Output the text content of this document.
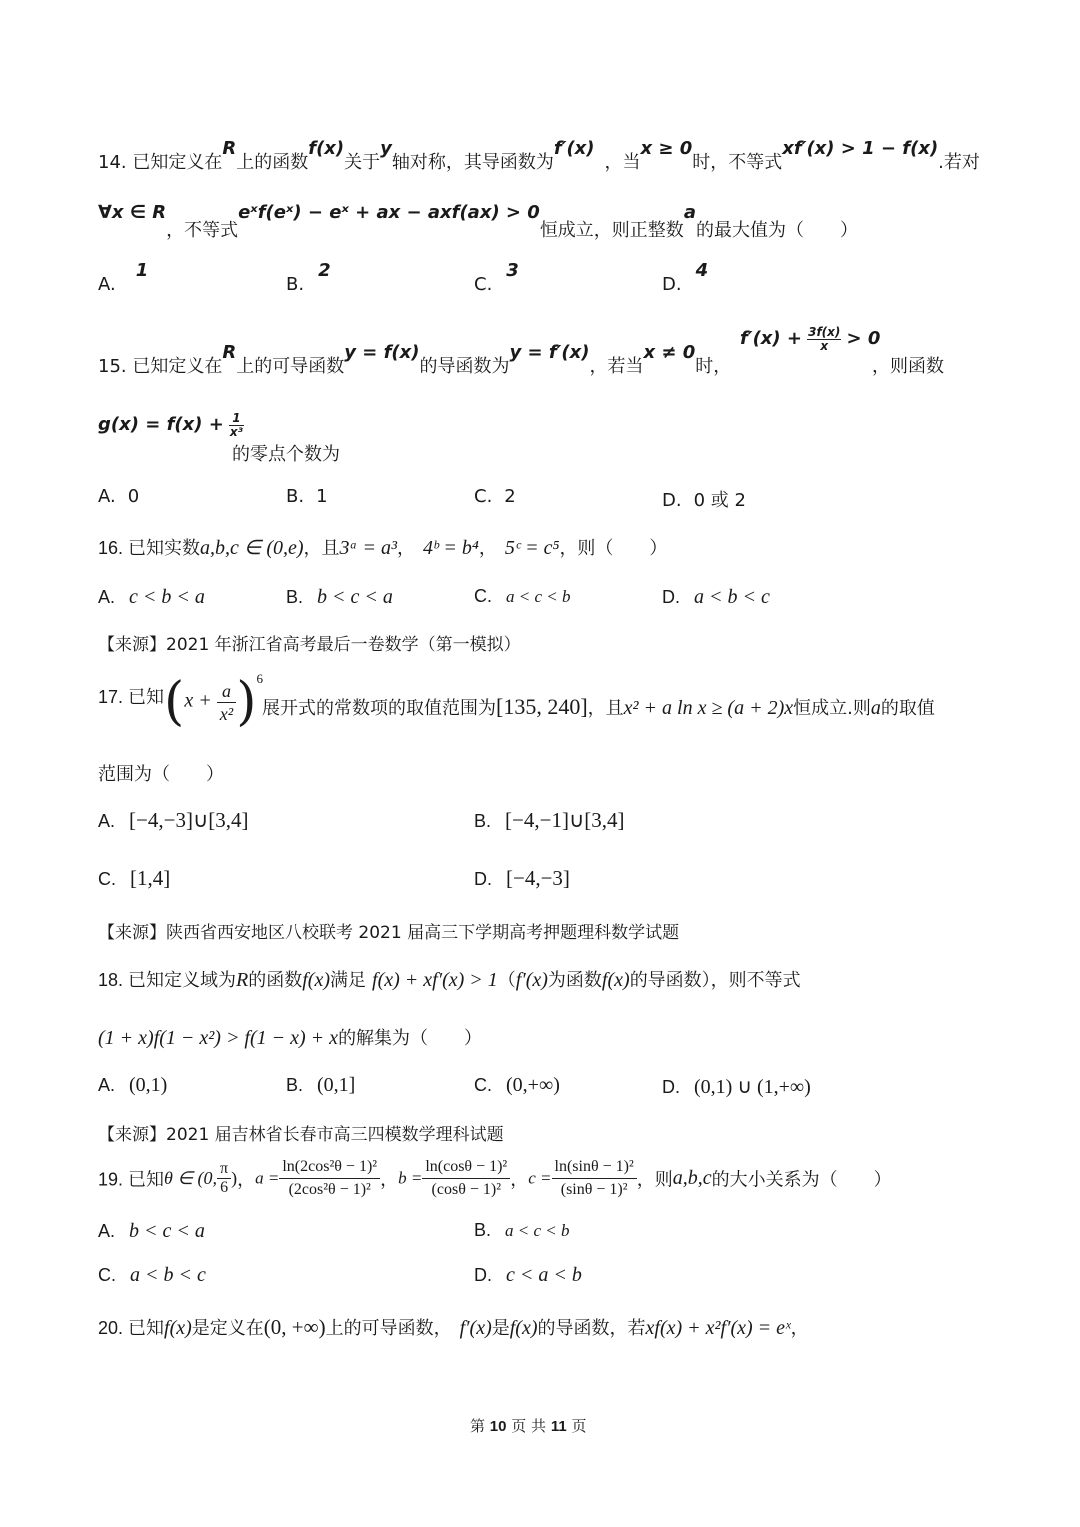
14. 已知定义在R上的函数f(x)关于y轴对称，其导函数为f′(x)，当x ≥ 0时，不等式xf′(x) > 1 − f(x).若对
∀x ∈ R，不等式eˣf(eˣ) − eˣ + ax − axf(ax) > 0恒成立，则正整数a的最大值为（　　）
A.1
B.2
C.3
D.4
15. 已知定义在R上的可导函数y = f(x)的导函数为y = f′(x)，若当x ≠ 0时，
$f'(x) + \frac{3f(x)}{x} > 0$
，则函数
$g(x) = f(x) + \frac{1}{\text{x³}}$
的零点个数为
A. 0	B. 1	C. 2	D. 0 或 2
16. 已知实数a,b,c ∈ (0,e)，且3ᵃ = a³， 4ᵇ = b⁴， 5ᶜ = c⁵，则（　　）
A. c < b < a	B. b < c < a	C. a < c < b	D. a < b < c
【来源】2021 年浙江省高考最后一卷数学（第一模拟）
17. 已知$(x + \frac{a}{\text{x²}} )^6$
展开式的常数项的取值范围为[135, 240]，且x² + a ln x ≥ (a + 2)x恒成立.则a的取值
范围为（　　）
A. [−4,−3]∪[3,4]	B. [−4,−1]∪[3,4]
C. [1,4]	D. [−4,−3]
【来源】陕西省西安地区八校联考 2021 届高三下学期高考押题理科数学试题
18. 已知定义域为R的函数f(x)满足 f(x) + xf′(x) > 1（f′(x)为函数f(x)的导函数），则不等式
(1 + x)f(1 − x²) > f(1 − x) + x的解集为（　　）
A. (0,1)	B. (0,1]	C. (0,+∞)	D. (0,1) ∪ (1,+∞)
【来源】2021 届吉林省长春市高三四模数学理科试题
19. 已知θ ∈ (0, $\frac{\pi}{6}$ )，$a = \frac{\text{ln(2cos²θ − 1)²}}{\text{(2cos²θ − 1)²}}$ ，$b = \frac{\text{ln(cosθ − 1)²}}{\text{(cosθ − 1)²}}$ ，$c = \frac{\text{ln(sinθ − 1)²}}{\text{(sinθ − 1)²}}$ ，则a,b,c的大小关系为（　　）
A. b < c < a	B. a < c < b
C. a < b < c	D. c < a < b
20. 已知f(x)是定义在(0, +∞)上的可导函数， f′(x)是f(x)的导函数，若xf(x) + x²f′(x) = eˣ，
第 10 页 共 11 页
